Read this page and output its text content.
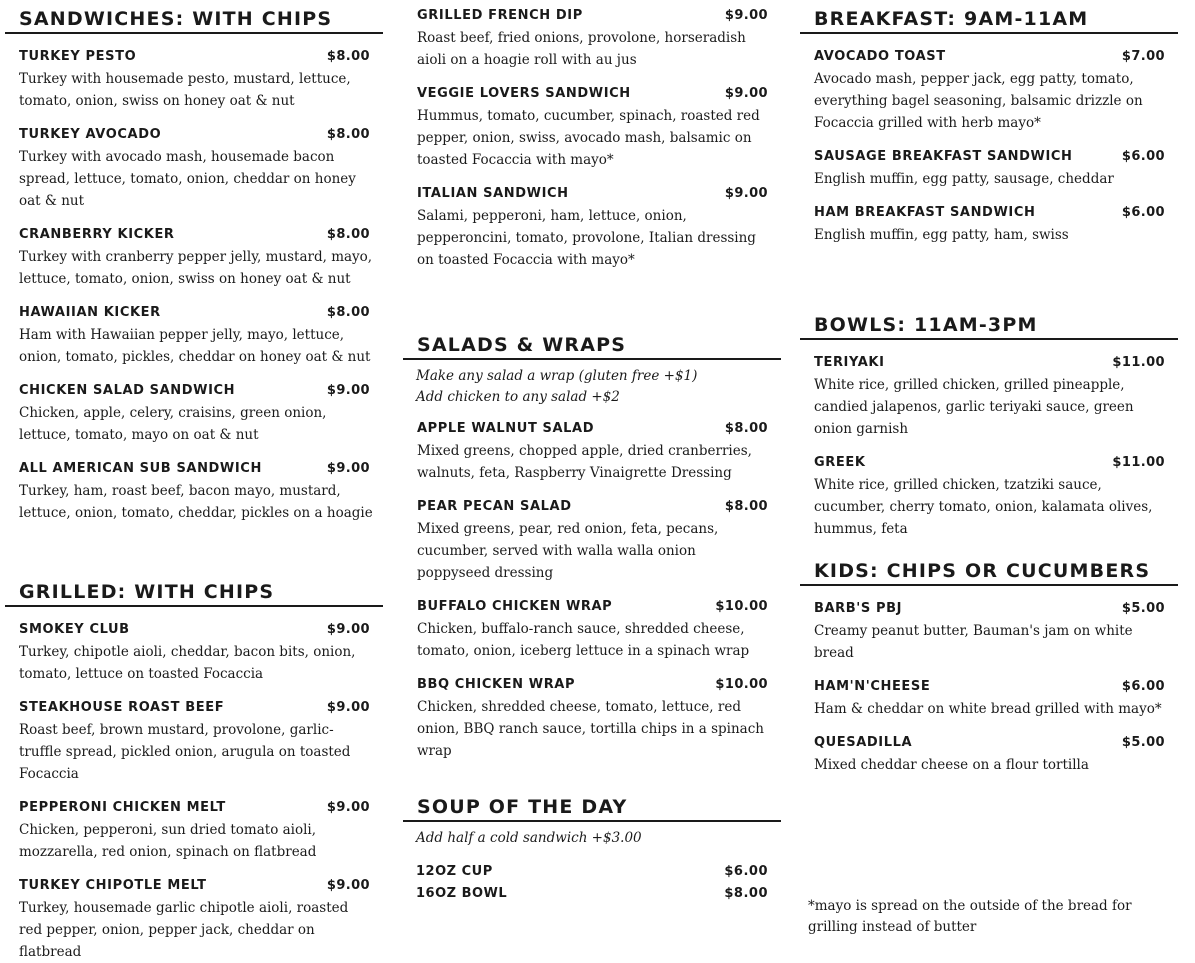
SANDWICHES: WITH CHIPS
TURKEY PESTO	$8.00
Turkey with housemade pesto, mustard, lettuce, tomato, onion, swiss on honey oat & nut
TURKEY AVOCADO	$8.00
Turkey with avocado mash, housemade bacon spread, lettuce, tomato, onion, cheddar on honey oat & nut
CRANBERRY KICKER	$8.00
Turkey with cranberry pepper jelly, mustard, mayo, lettuce, tomato, onion, swiss on honey oat & nut
HAWAIIAN KICKER	$8.00
Ham with Hawaiian pepper jelly, mayo, lettuce, onion, tomato, pickles, cheddar on honey oat & nut
CHICKEN SALAD SANDWICH	$9.00
Chicken, apple, celery, craisins, green onion, lettuce, tomato, mayo on oat & nut
ALL AMERICAN SUB SANDWICH	$9.00
Turkey, ham, roast beef, bacon mayo, mustard, lettuce, onion, tomato, cheddar, pickles on a hoagie
GRILLED: WITH CHIPS
SMOKEY CLUB	$9.00
Turkey, chipotle aioli, cheddar, bacon bits, onion, tomato, lettuce on toasted Focaccia
STEAKHOUSE ROAST BEEF	$9.00
Roast beef, brown mustard, provolone, garlic-truffle spread, pickled onion, arugula on toasted Focaccia
PEPPERONI CHICKEN MELT	$9.00
Chicken, pepperoni, sun dried tomato aioli, mozzarella, red onion, spinach on flatbread
TURKEY CHIPOTLE MELT	$9.00
Turkey, housemade garlic chipotle aioli, roasted red pepper, onion, pepper jack, cheddar on flatbread
GRILLED FRENCH DIP	$9.00
Roast beef, fried onions, provolone, horseradish aioli on a hoagie roll with au jus
VEGGIE LOVERS SANDWICH	$9.00
Hummus, tomato, cucumber, spinach, roasted red pepper, onion, swiss, avocado mash, balsamic on toasted Focaccia with mayo*
ITALIAN SANDWICH	$9.00
Salami, pepperoni, ham, lettuce, onion, pepperoncini, tomato, provolone, Italian dressing on toasted Focaccia with mayo*
SALADS & WRAPS
Make any salad a wrap (gluten free +$1)
Add chicken to any salad +$2
APPLE WALNUT SALAD	$8.00
Mixed greens, chopped apple, dried cranberries, walnuts, feta, Raspberry Vinaigrette Dressing
PEAR PECAN SALAD	$8.00
Mixed greens, pear, red onion, feta, pecans, cucumber, served with walla walla onion poppyseed dressing
BUFFALO CHICKEN WRAP	$10.00
Chicken, buffalo-ranch sauce, shredded cheese, tomato, onion, iceberg lettuce in a spinach wrap
BBQ CHICKEN WRAP	$10.00
Chicken, shredded cheese, tomato, lettuce, red onion, BBQ ranch sauce, tortilla chips in a spinach wrap
SOUP OF THE DAY
Add half a cold sandwich +$3.00
12OZ CUP	$6.00
16OZ BOWL	$8.00
BREAKFAST: 9AM-11AM
AVOCADO TOAST	$7.00
Avocado mash, pepper jack, egg patty, tomato, everything bagel seasoning, balsamic drizzle on Focaccia grilled with herb mayo*
SAUSAGE BREAKFAST SANDWICH	$6.00
English muffin, egg patty, sausage, cheddar
HAM BREAKFAST SANDWICH	$6.00
English muffin, egg patty, ham, swiss
BOWLS: 11AM-3PM
TERIYAKI	$11.00
White rice, grilled chicken, grilled pineapple, candied jalapenos, garlic teriyaki sauce, green onion garnish
GREEK	$11.00
White rice, grilled chicken, tzatziki sauce, cucumber, cherry tomato, onion, kalamata olives, hummus, feta
KIDS: CHIPS OR CUCUMBERS
BARB'S PBJ	$5.00
Creamy peanut butter, Bauman's jam on white bread
HAM'N'CHEESE	$6.00
Ham & cheddar on white bread grilled with mayo*
QUESADILLA	$5.00
Mixed cheddar cheese on a flour tortilla
*mayo is spread on the outside of the bread for grilling instead of butter
